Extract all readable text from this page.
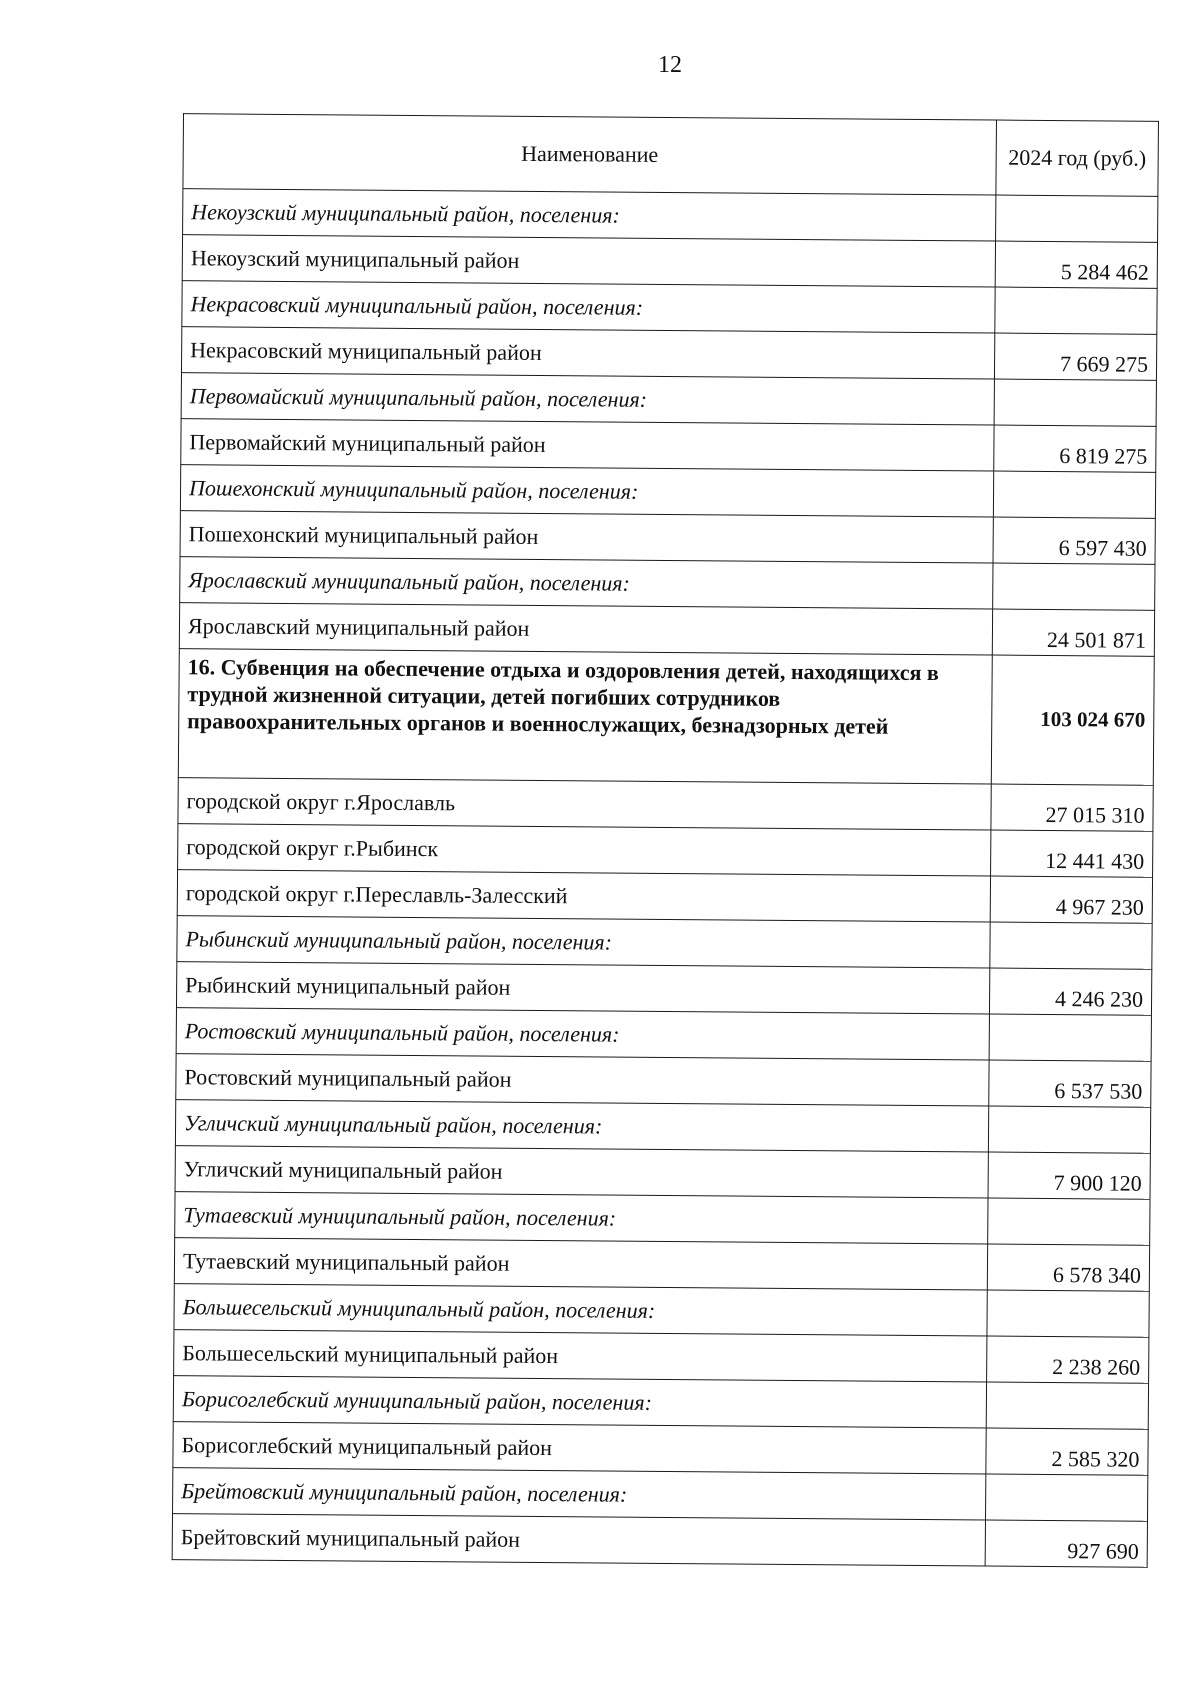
12
Наименование	2024 год (руб.)
Некоузский муниципальный район, поселения:	
Некоузский муниципальный район	5 284 462
Некрасовский муниципальный район, поселения:	
Некрасовский муниципальный район	7 669 275
Первомайский муниципальный район, поселения:	
Первомайский муниципальный район	6 819 275
Пошехонский муниципальный район, поселения:	
Пошехонский муниципальный район	6 597 430
Ярославский муниципальный район, поселения:	
Ярославский муниципальный район	24 501 871
16. Субвенция на обеспечение отдыха и оздоровления детей, находящихся в трудной жизненной ситуации, детей погибших сотрудников правоохранительных органов и военнослужащих, безнадзорных детей	103 024 670
городской округ г.Ярославль	27 015 310
городской округ г.Рыбинск	12 441 430
городской округ г.Переславль-Залесский	4 967 230
Рыбинский муниципальный район, поселения:	
Рыбинский муниципальный район	4 246 230
Ростовский муниципальный район, поселения:	
Ростовский муниципальный район	6 537 530
Угличский муниципальный район, поселения:	
Угличский муниципальный район	7 900 120
Тутаевский муниципальный район, поселения:	
Тутаевский муниципальный район	6 578 340
Большесельский муниципальный район, поселения:	
Большесельский муниципальный район	2 238 260
Борисоглебский муниципальный район, поселения:	
Борисоглебский муниципальный район	2 585 320
Брейтовский муниципальный район, поселения:	
Брейтовский муниципальный район	927 690
